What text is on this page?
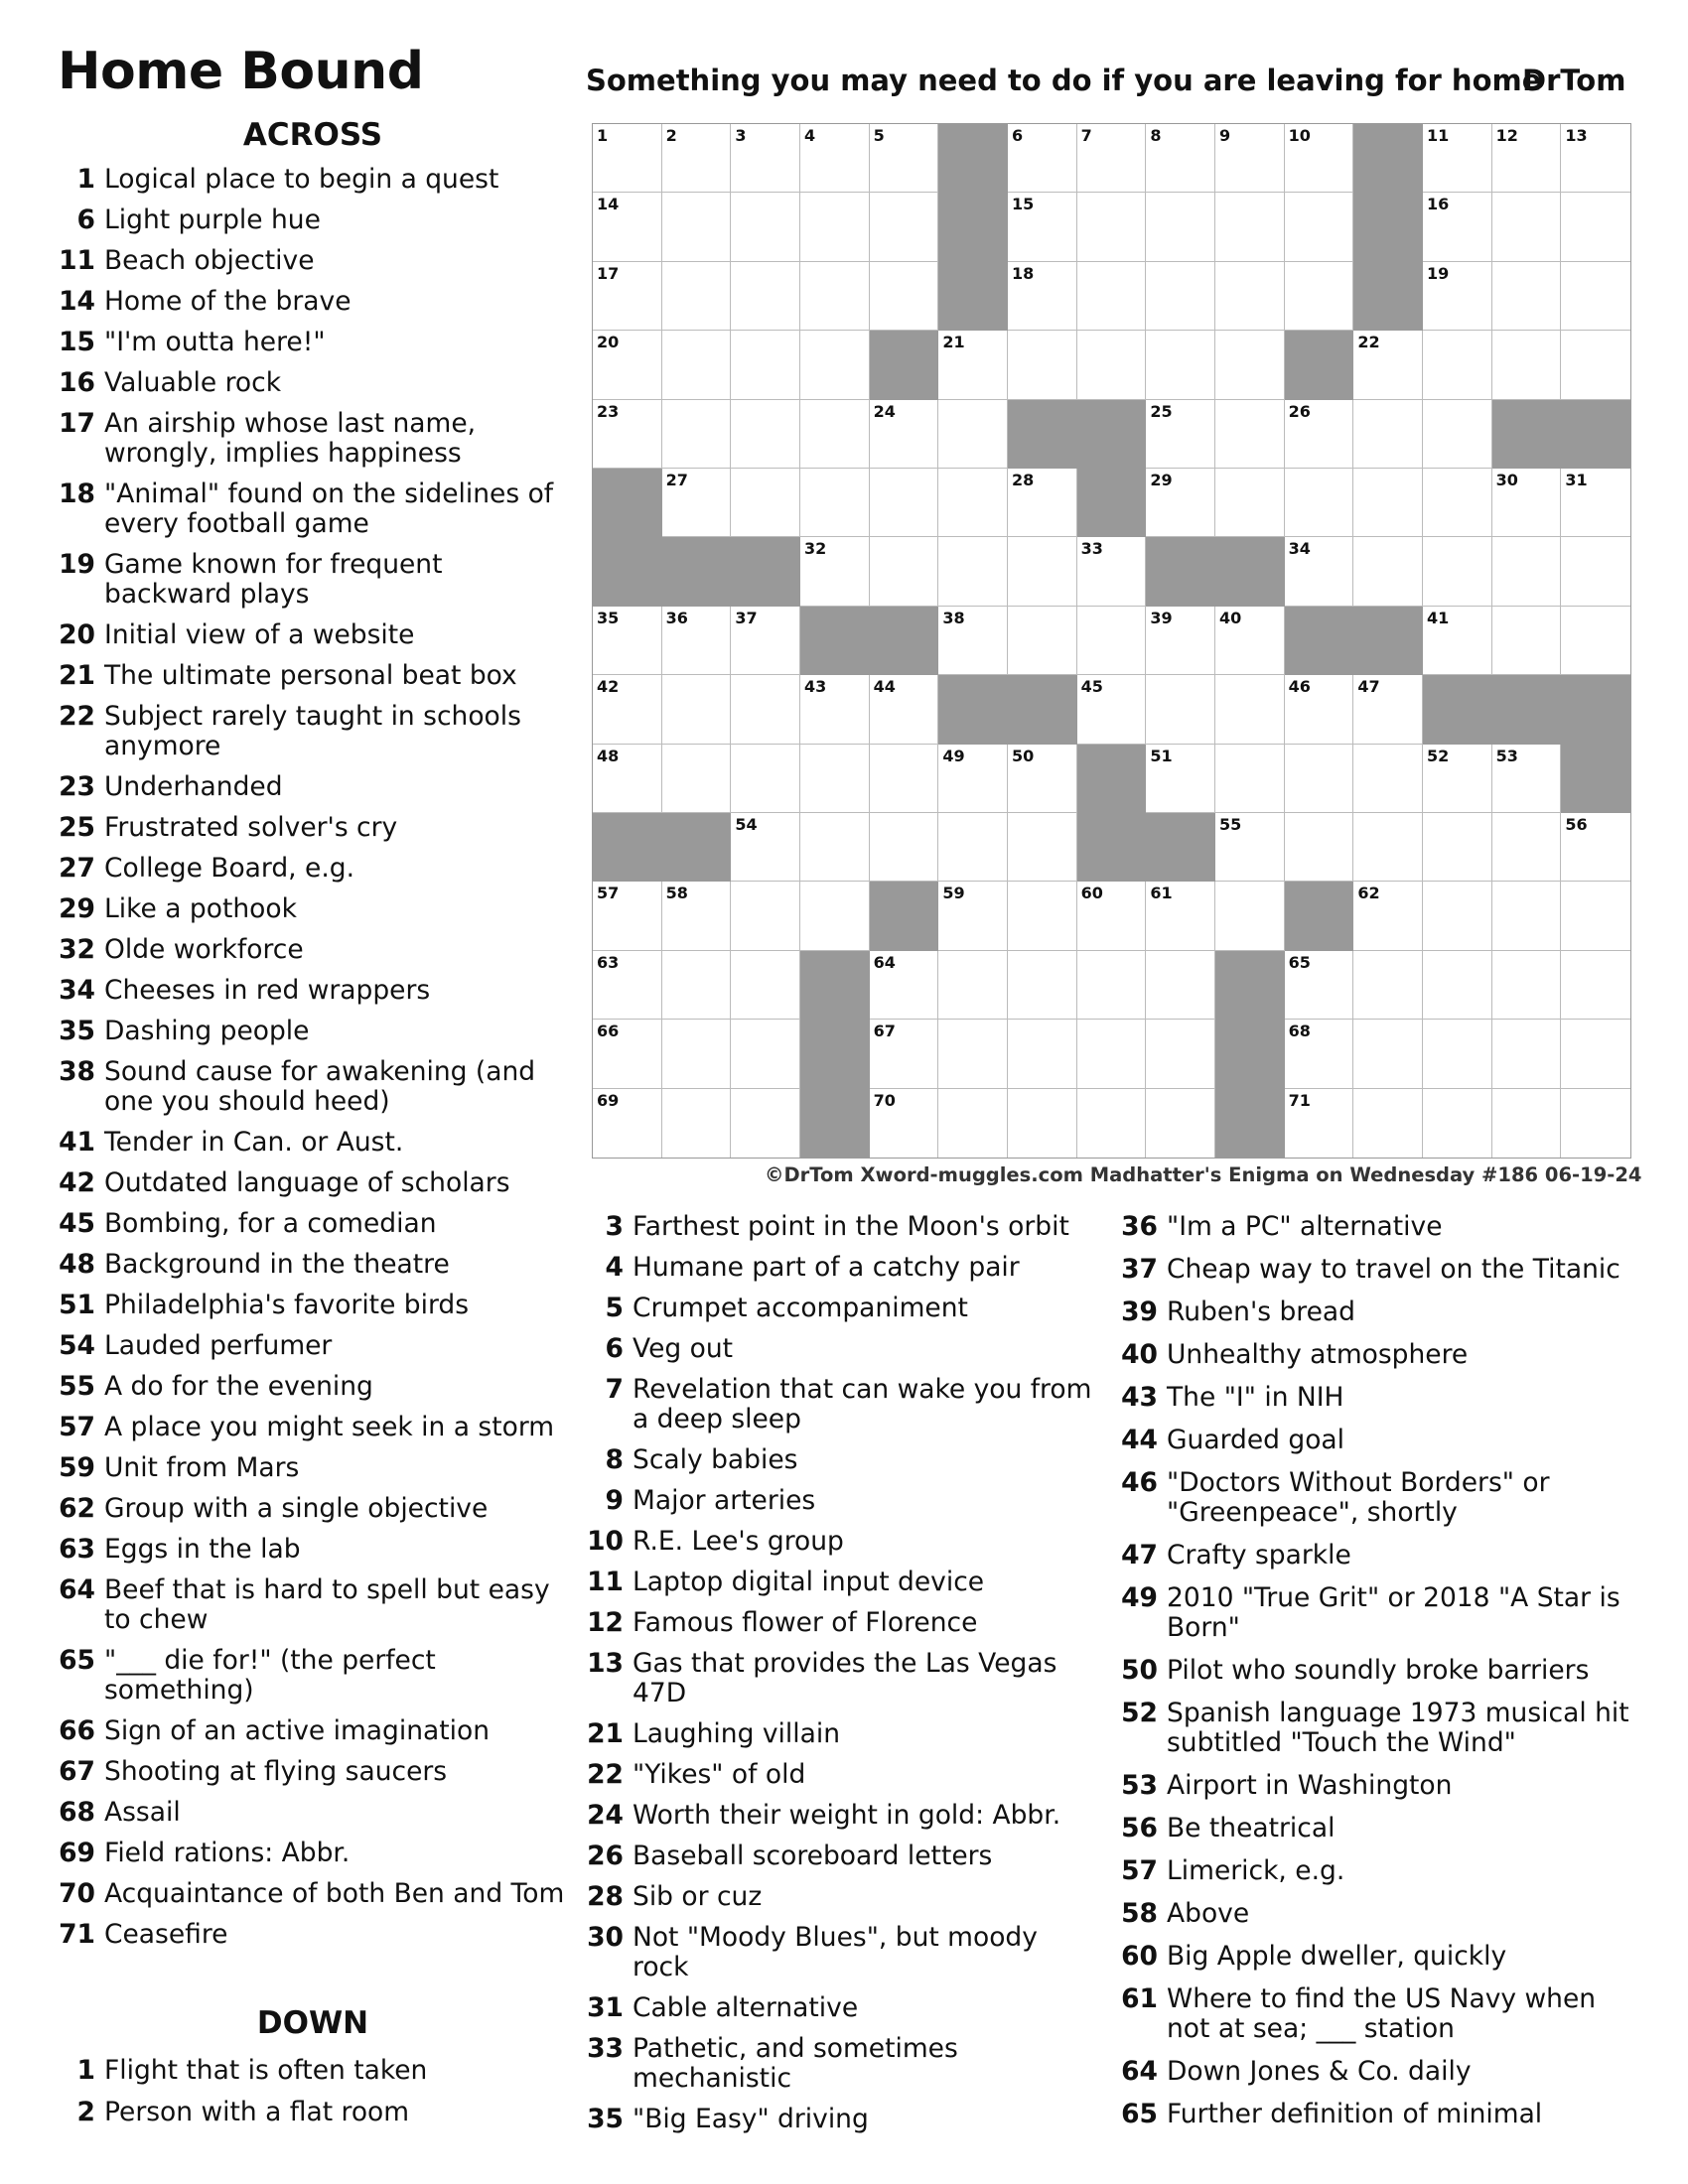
Home Bound	Something you may need to do if you are leaving for home
DrTom
ACROSS
1 Logical place to begin a quest
6 Light purple hue
11 Beach objective
14 Home of the brave
15 "I'm outta here!"
16 Valuable rock
17 An airship whose last name, wrongly, implies happiness
18 "Animal" found on the sidelines of every football game
19 Game known for frequent backward plays
20 Initial view of a website
21 The ultimate personal beat box
22 Subject rarely taught in schools anymore
23 Underhanded
25 Frustrated solver's cry
27 College Board, e.g.
29 Like a pothook
32 Olde workforce
34 Cheeses in red wrappers
35 Dashing people
38 Sound cause for awakening (and one you should heed)
41 Tender in Can. or Aust.
42 Outdated language of scholars
45 Bombing, for a comedian
48 Background in the theatre
51 Philadelphia's favorite birds
54 Lauded perfumer
55 A do for the evening
57 A place you might seek in a storm
59 Unit from Mars
62 Group with a single objective
63 Eggs in the lab
64 Beef that is hard to spell but easy to chew
65 "___ die for!" (the perfect something)
66 Sign of an active imagination
67 Shooting at flying saucers
68 Assail
69 Field rations: Abbr.
70 Acquaintance of both Ben and Tom
71 Ceasefire
DOWN
1 Flight that is often taken
2 Person with a flat room
3 Farthest point in the Moon's orbit
4 Humane part of a catchy pair
5 Crumpet accompaniment
6 Veg out
7 Revelation that can wake you from a deep sleep
8 Scaly babies
9 Major arteries
10 R.E. Lee's group
11 Laptop digital input device
12 Famous flower of Florence
13 Gas that provides the Las Vegas 47D
21 Laughing villain
22 "Yikes" of old
24 Worth their weight in gold: Abbr.
26 Baseball scoreboard letters
28 Sib or cuz
30 Not "Moody Blues", but moody rock
31 Cable alternative
33 Pathetic, and sometimes mechanistic
35 "Big Easy" driving
36 "Im a PC" alternative
37 Cheap way to travel on the Titanic
39 Ruben's bread
40 Unhealthy atmosphere
43 The "I" in NIH
44 Guarded goal
46 "Doctors Without Borders" or "Greenpeace", shortly
47 Crafty sparkle
49 2010 "True Grit" or 2018 "A Star is Born"
50 Pilot who soundly broke barriers
52 Spanish language 1973 musical hit subtitled "Touch the Wind"
53 Airport in Washington
56 Be theatrical
57 Limerick, e.g.
58 Above
60 Big Apple dweller, quickly
61 Where to find the US Navy when not at sea; ___ station
64 Down Jones & Co. daily
65 Further definition of minimal
1	2	3	4	5	6	7	8	9	10	11	12	13
14	15	16
17	18	19
20	21	22
23	24	25	26
27	28	29	30	31
32	33	34
35	36	37	38	39	40	41
42	43	44	45	46	47
48	49	50	51	52	53
54	55	56
57	58	59	60	61	62
63	64	65
66	67	68
69	70	71
©DrTom Xword-muggles.com Madhatter's Enigma on Wednesday #186 06-19-24
